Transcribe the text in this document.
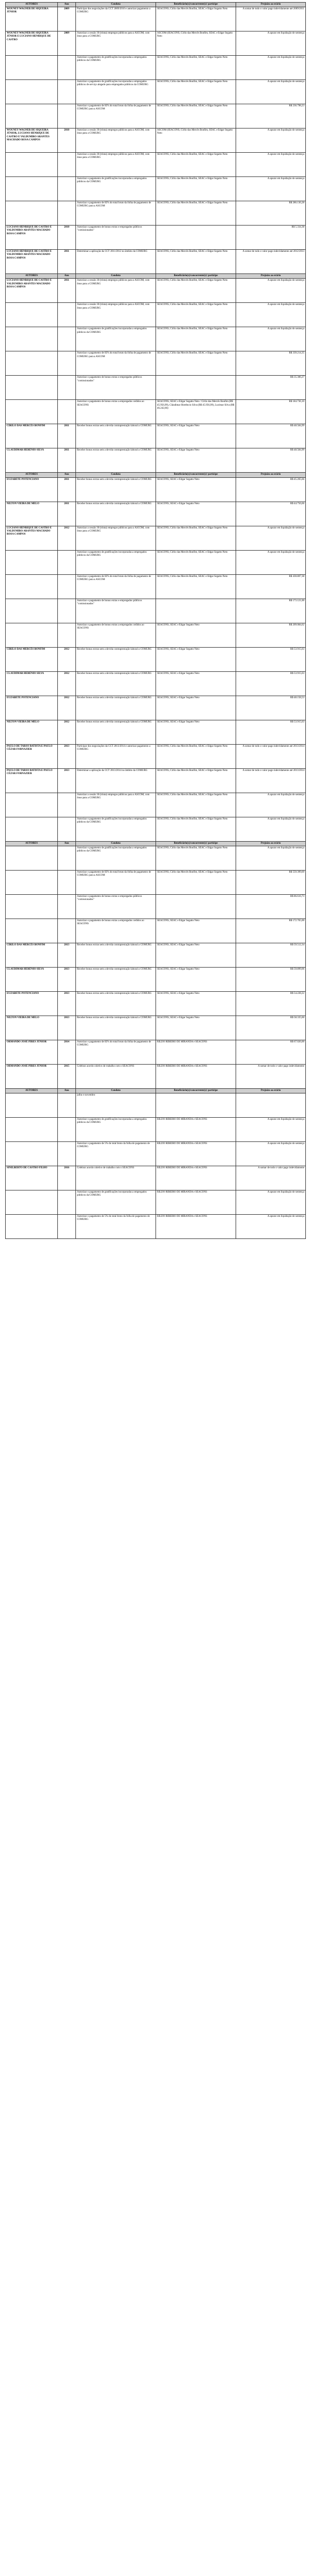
AUTORES	Ano	Conduta	Beneficiário(s)/concorrente(s)/ participe	Prejuízo ao erário
WOUNEY WAGNER DE SIQUEIRA JÚNIOR	2009	Participar dos negociações da CCT 2009/2010 e autorizar pagamento a COMURG	SEACONS, Círlio das Mercês Bonfim, SEAC e Edgar Segatto Neto	A somar de todo o valor pago indevidamente até 2009/2011
WOUNEY WAGNER DE SIQUEIRA JÚNIOR E LUCIANO HENRIQUE DE CASTRO	2009	Autorizar a cessão 30 (trinta) empregos públicos para a ASCOM, com ônus para a COMURG	ASCOM (SEACONS, Círlio das Mercês Bonfim, SEAC e Edgar Segatto Neto	A apurar em liquidação de sentença
		Autorizar o pagamento de gratificações incorporadas a empregados públicos da COMURG	SEACONS, Círlio das Mercês Bonfim, SEAC e Edgar Segatto Neto	A apurar em liquidação de sentença
		Autorizar o pagamento de gratificações incorporadas a empregados públicos de serviço alegado para empregados públicos da COMURG	SEACONS, Círlio das Mercês Bonfim, SEAC e Edgar Segatto Neto	A apurar em liquidação de sentença
		Autorizar o pagamento de 82% do total bruto da folha de pagamento de COMURG para a ASCOM	SEACONS, Círlio das Mercês Bonfim, SEAC e Edgar Segatto Neto	R$ 236.798,23
WOUNEY WAGNER DE SIQUEIRA JÚNIOR, LUCIANO HENRIQUE DE CASTRO E VALDUMIRO ARANTES MACHADO ROSA CAMPOS	2010	Autorizar a cessão 30 (trinta) empregos públicos para a ASCOM, com ônus para a COMURG	ASCOM (SEACONS, Círlio das Mercês Bonfim, SEAC e Edgar Segatto Neto	A apurar em liquidação de sentença
		Autorizar a cessão 30 (trinta) empregos públicos para a ASCOM, com ônus para a COMURG	SEACONS, Círlio das Mercês Bonfim, SEAC e Edgar Segatto Neto	A apurar em liquidação de sentença
		Autorizar o pagamento de gratificações incorporadas a empregados públicos da COMURG	SEACONS, Círlio das Mercês Bonfim, SEAC e Edgar Segatto Neto	A apurar em liquidação de sentença
		Autorizar o pagamento de 82% do total bruto da folha de pagamento de COMURG para a ASCOM	SEACONS, Círlio das Mercês Bonfim, SEAC e Edgar Segatto Neto	R$ 286.136,28
LUCIANO HENRIQUE DE CASTRO E VALDUMIRO ARANTES MACHADO ROSA CAMPOS	2010	Autorizar o pagamento de bonus extras e empregados públicos "comissionados"		R$ 5.334,38
LUCIANO HENRIQUE DE CASTRO E VALDUMIRO ARANTES MACHADO ROSA CAMPOS	2011	Determinar a aplicação da CCT 2011/2012 no âmbito da COMURG	SEACONS, Círlio das Mercês Bonfim, SEAC e Edgar Segatto Neto	A somar de todo o valor pago indevidamente até 2012/2013
AUTORES	Ano	Conduta	Beneficiário(s)/concorrente(s)/ participe	Prejuízo ao erário
LUCIANO HENRIQUE DE CASTRO E VALDUMIRO ARANTES MACHADO ROSA CAMPOS	2011	Autorizar a cessão 30 (trinta) empregos públicos para a ASCOM, com ônus para a COMURG	SEACONS, Círlio das Mercês Bonfim, SEAC e Edgar Segatto Neto	A apurar em liquidação de sentença
		Autorizar a cessão 30 (trinta) empregos públicos para a ASCOM, com ônus para a COMURG	SEACONS, Círlio das Mercês Bonfim, SEAC e Edgar Segatto Neto	A apurar em liquidação de sentença
		Autorizar o pagamento de gratificações incorporadas a empregados públicos da COMURG	SEACONS, Círlio das Mercês Bonfim, SEAC e Edgar Segatto Neto	A apurar em liquidação de sentença
		Autorizar o pagamento de 82% do total bruto da folha de pagamento de COMURG para a ASCOM	SEACONS, Círlio das Mercês Bonfim, SEAC e Edgar Segatto Neto	R$ 339.214,35
		Autorizar o pagamento de bonus extras e empregados públicos "comissionados"		R$ 35.306,27
		Autorizar o pagamento de bonus extras a empregados cedidos ao SEACONS	SEACONS, SEAC e Edgar Segatto Neto / Círlio das Mercês Bonfim (R$ 45.956,99), Cláudimar Hortêncio Silva (R$ 45.956,99), Lucimar Silva (R$ 46.242,66)	R$ 184.736,10
CIRILO DAS MERCÊS BONFIM	2011	Receber bonus extras sem a devida contraprestação laboral a COMURG	SEACONS, SEAC e Edgar Segatto Neto	R$ 48.584,99
CLAUDIMAR HERÊNIO SILVA	2011	Receber bonus extras sem a devida contraprestação laboral a COMURG	SEACONS, SEAC e Edgar Segatto Neto	R$ 48.584,99
AUTORES	Ano	Conduta	Beneficiário(s)/concorrente(s)/ participe	Prejuízo ao erário
EUZABETE POTENCIANO	2011	Receber bonus extras sem a devida contraprestação laboral a COMURG	SEACONS, SEAC e Edgar Segatto Neto	R$ 45.265,66
NILTON VIEIRA DE MELO	2011	Receber bonus extras sem a devida contraprestação laboral a COMURG	SEACONS, SEAC e Edgar Segatto Neto	R$ 44.756,66
LUCIANO HENRIQUE DE CASTRO E VALDUMIRO ARANTES MACHADO ROSA CAMPOS	2012	Autorizar a cessão 30 (trinta) empregos públicos para a ASCOM, com ônus para a COMURG	SEACONS, Círlio das Mercês Bonfim, SEAC e Edgar Segatto Neto	A apurar em liquidação de sentença
		Autorizar o pagamento de gratificações incorporadas a empregados públicos da COMURG	SEACONS, Círlio das Mercês Bonfim, SEAC e Edgar Segatto Neto	A apurar em liquidação de sentença
		Autorizar o pagamento de 82% do total bruto da folha de pagamento de COMURG para a ASCOM	SEACONS, Círlio das Mercês Bonfim, SEAC e Edgar Segatto Neto	R$ 430.807,38
		Autorizar o pagamento de bonus extras e empregados públicos "comissionados"		R$ 173.121,00
		Autorizar o pagamento de bonus extras a empregados cedidos ao SEACONS	SEACONS, SEAC e Edgar Segatto Neto	R$ 209.084,62
CIRILO DAS MERCÊS BONFIM	2012	Receber bonus extras sem a devida contraprestação laboral a COMURG	SEACONS, SEAC e Edgar Segatto Neto	R$ 53.915,63
CLAUDIMAR HERÊNIO SILVA	2012	Receber bonus extras sem a devida contraprestação laboral a COMURG	SEACONS, SEAC e Edgar Segatto Neto	R$ 53.915,63
EUZABETE POTENCIANO	2012	Receber bonus extras sem a devida contraprestação laboral a COMURG	SEACONS, SEAC e Edgar Segatto Neto	R$ 48.158,53
NILTON VIEIRA DE MELO	2012	Receber bonus extras sem a devida contraprestação laboral a COMURG	SEACONS, SEAC e Edgar Segatto Neto	R$ 53.915,63
PAULO DE TARSO BATISTA E PAULO CÉZAR FORNAZIER	2013	Participar dos negociações da CCT 2013/2014 e autorizar pagamento a COMURG	SEACONS, Círlio das Mercês Bonfim, SEAC e Edgar Segatto Neto	A somar de todo o valor pago indevidamente até 2013/2014
PAULO DE TARSO BATISTA E PAULO CÉZAR FORNAZIER	2013	Determinar a aplicação da CCT 2013/2014 no âmbito da COMURG	SEACONS, Círlio das Mercês Bonfim, SEAC e Edgar Segatto Neto	A somar de todo o valor pago indevidamente até 2013/2014
		Autorizar a cessão 30 (trinta) empregos públicos para a ASCOM, com ônus para a COMURG	SEACONS, Círlio das Mercês Bonfim, SEAC e Edgar Segatto Neto	A apurar em liquidação de sentença
		Autorizar o pagamento de gratificações incorporadas a empregados públicos da COMURG	SEACONS, Círlio das Mercês Bonfim, SEAC e Edgar Segatto Neto	A apurar em liquidação de sentença
AUTORES	Ano	Conduta	Beneficiário(s)/concorrente(s)/ participe	Prejuízo ao erário
		Autorizar o pagamento de gratificações incorporadas a empregados públicos da COMURG	SEACONS, Círlio das Mercês Bonfim, SEAC e Edgar Segatto Neto	A apurar em liquidação de sentença
		Autorizar o pagamento de 82% do total bruto da folha de pagamento de COMURG para a ASCOM	SEACONS, Círlio das Mercês Bonfim, SEAC e Edgar Segatto Neto	R$ 559.399,69
		Autorizar o pagamento de bonus extras e empregados públicos "comissionados"		R$ 86.616,73
		Autorizar o pagamento de bonus extras a empregados cedidos ao SEACONS	SEACONS, SEAC e Edgar Segatto Neto	R$ 172.765,00
CIRILO DAS MERCÊS BONFIM	2013	Receber bonus extras sem a devida contraprestação laboral a COMURG	SEACONS, SEAC e Edgar Segatto Neto	R$ 59.512,34
CLAUDIMAR HERÊNIO SILVA	2013	Receber bonus extras sem a devida contraprestação laboral a COMURG	SEACONS, SEAC e Edgar Segatto Neto	R$ 59.899,06
EUZABETE POTENCIANO	2013	Receber bonus extras sem a devida contraprestação laboral a COMURG	SEACONS, SEAC e Edgar Segatto Neto	R$ 54.228,22
NILTON VIEIRA DE MELO	2013	Receber bonus extras sem a devida contraprestação laboral a COMURG	SEACONS, SEAC e Edgar Segatto Neto	R$ 58.335,60
ORMANDO JOSÉ PIRES JÚNIOR	2014	Autorizar o pagamento de 82% do total bruto da folha de pagamento de COMURG	RILDO RIBEIRO DE MIRANDA e SEACONS	R$ 67.026,00
ORMANDO JOSÉ PIRES JÚNIOR	2015	Celebrar acordo coletivo de trabalho com o SEACONS	RILDO RIBEIRO DE MIRANDA e SEACONS	A somar de todo o valor pago indevidamente
AUTORES	Ano	Conduta	Beneficiário(s)/concorrente(s)/ participe	Prejuízo ao erário
		julho e novembro		
		Autorizar o pagamento de gratificações incorporadas a empregados públicos da COMURG	RILDO RIBEIRO DE MIRANDA e SEACONS	A apurar em liquidação de sentença
		Autorizar o pagamento de 5% do total bruto da folha de pagamento de COMURG	RILDO RIBEIRO DE MIRANDA e SEACONS	A apurar em liquidação de sentença
SINILBERTO DE CASTRO FILHO	2016	Celebrar acordo coletivo de trabalho com o SEACONS	RILDO RIBEIRO DE MIRANDA e SEACONS	A somar de todo o valor pago indevidamente
		Autorizar o pagamento de gratificações incorporadas a empregados públicos da COMURG	RILDO RIBEIRO DE MIRANDA e SEACONS	A apurar em liquidação de sentença
		Autorizar o pagamento de 5% do total bruto da folha de pagamento de COMURG	RILDO RIBEIRO DE MIRANDA e SEACONS	A apurar em liquidação de sentença
